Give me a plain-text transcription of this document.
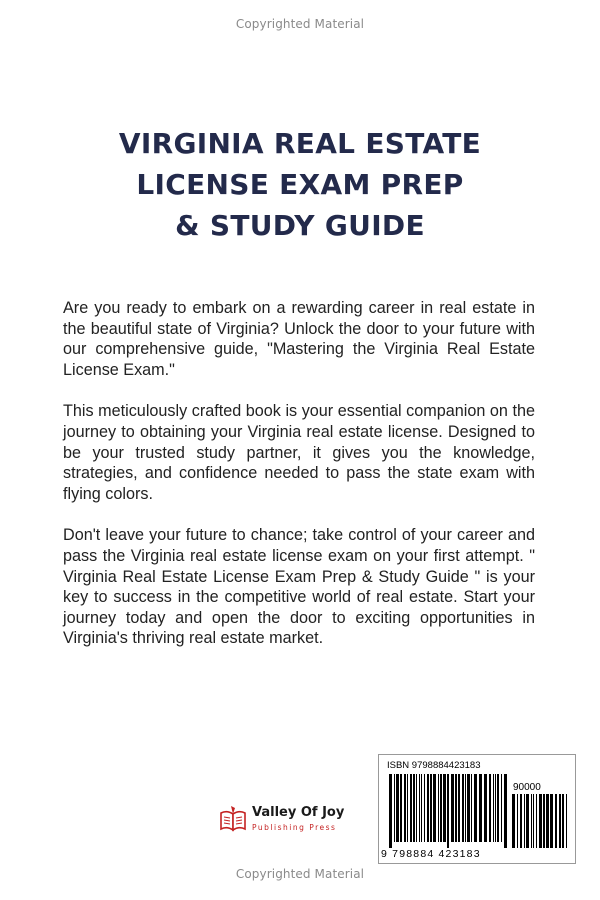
Copyrighted Material
VIRGINIA REAL ESTATE
LICENSE EXAM PREP
& STUDY GUIDE

Are you ready to embark on a rewarding career in real estate in the beautiful state of Virginia? Unlock the door to your future with our comprehensive guide, "Mastering the Virginia Real Estate License Exam."

This meticulously crafted book is your essential companion on the journey to obtaining your Virginia real estate license. Designed to be your trusted study partner, it gives you the knowledge, strategies, and confidence needed to pass the state exam with flying colors.

Don't leave your future to chance; take control of your career and pass the Virginia real estate license exam on your first attempt. " Virginia Real Estate License Exam Prep & Study Guide " is your key to success in the competitive world of real estate. Start your journey today and open the door to exciting opportunities in Virginia's thriving real estate market.

Valley Of Joy
Publishing Press
ISBN 9798884423183
90000
9 798884 423183
Copyrighted Material
